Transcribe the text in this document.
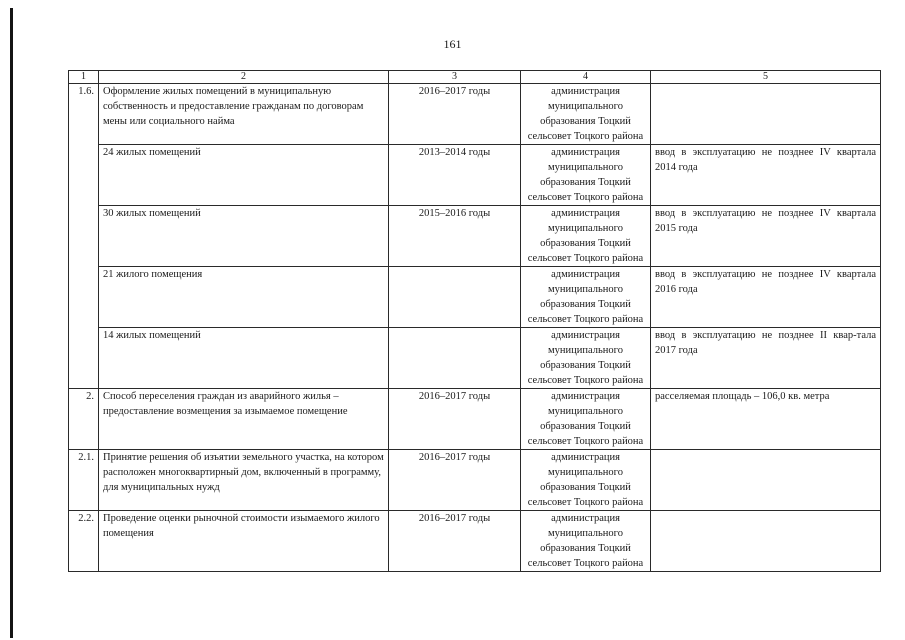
161
1	2	3	4	5
1.6.	Оформление жилых помещений в муниципальную собственность и предоставление гражданам по договорам мены или социального найма	2016–2017 годы	администрация муниципального образования Тоцкий сельсовет Тоцкого района	
	24 жилых помещений	2013–2014 годы	администрация муниципального образования Тоцкий сельсовет Тоцкого района	ввод в эксплуатацию не позднее IV квартала 2014 года
	30 жилых помещений	2015–2016 годы	администрация муниципального образования Тоцкий сельсовет Тоцкого района	ввод в эксплуатацию не позднее IV квартала 2015 года
	21 жилого помещения		администрация муниципального образования Тоцкий сельсовет Тоцкого района	ввод в эксплуатацию не позднее IV квартала 2016 года
	14 жилых помещений		администрация муниципального образования Тоцкий сельсовет Тоцкого района	ввод в эксплуатацию не позднее II квар-тала 2017 года
2.	Способ переселения граждан из аварийного жилья – предоставление возмещения за изымаемое помещение	2016–2017 годы	администрация муниципального образования Тоцкий сельсовет Тоцкого района	расселяемая площадь – 106,0 кв. метра
2.1.	Принятие решения об изъятии земельного участка, на котором расположен многоквартирный дом, включенный в программу, для муниципальных нужд	2016–2017 годы	администрация муниципального образования Тоцкий сельсовет Тоцкого района	
2.2.	Проведение оценки рыночной стоимости изымаемого жилого помещения	2016–2017 годы	администрация муниципального образования Тоцкий сельсовет Тоцкого района	
